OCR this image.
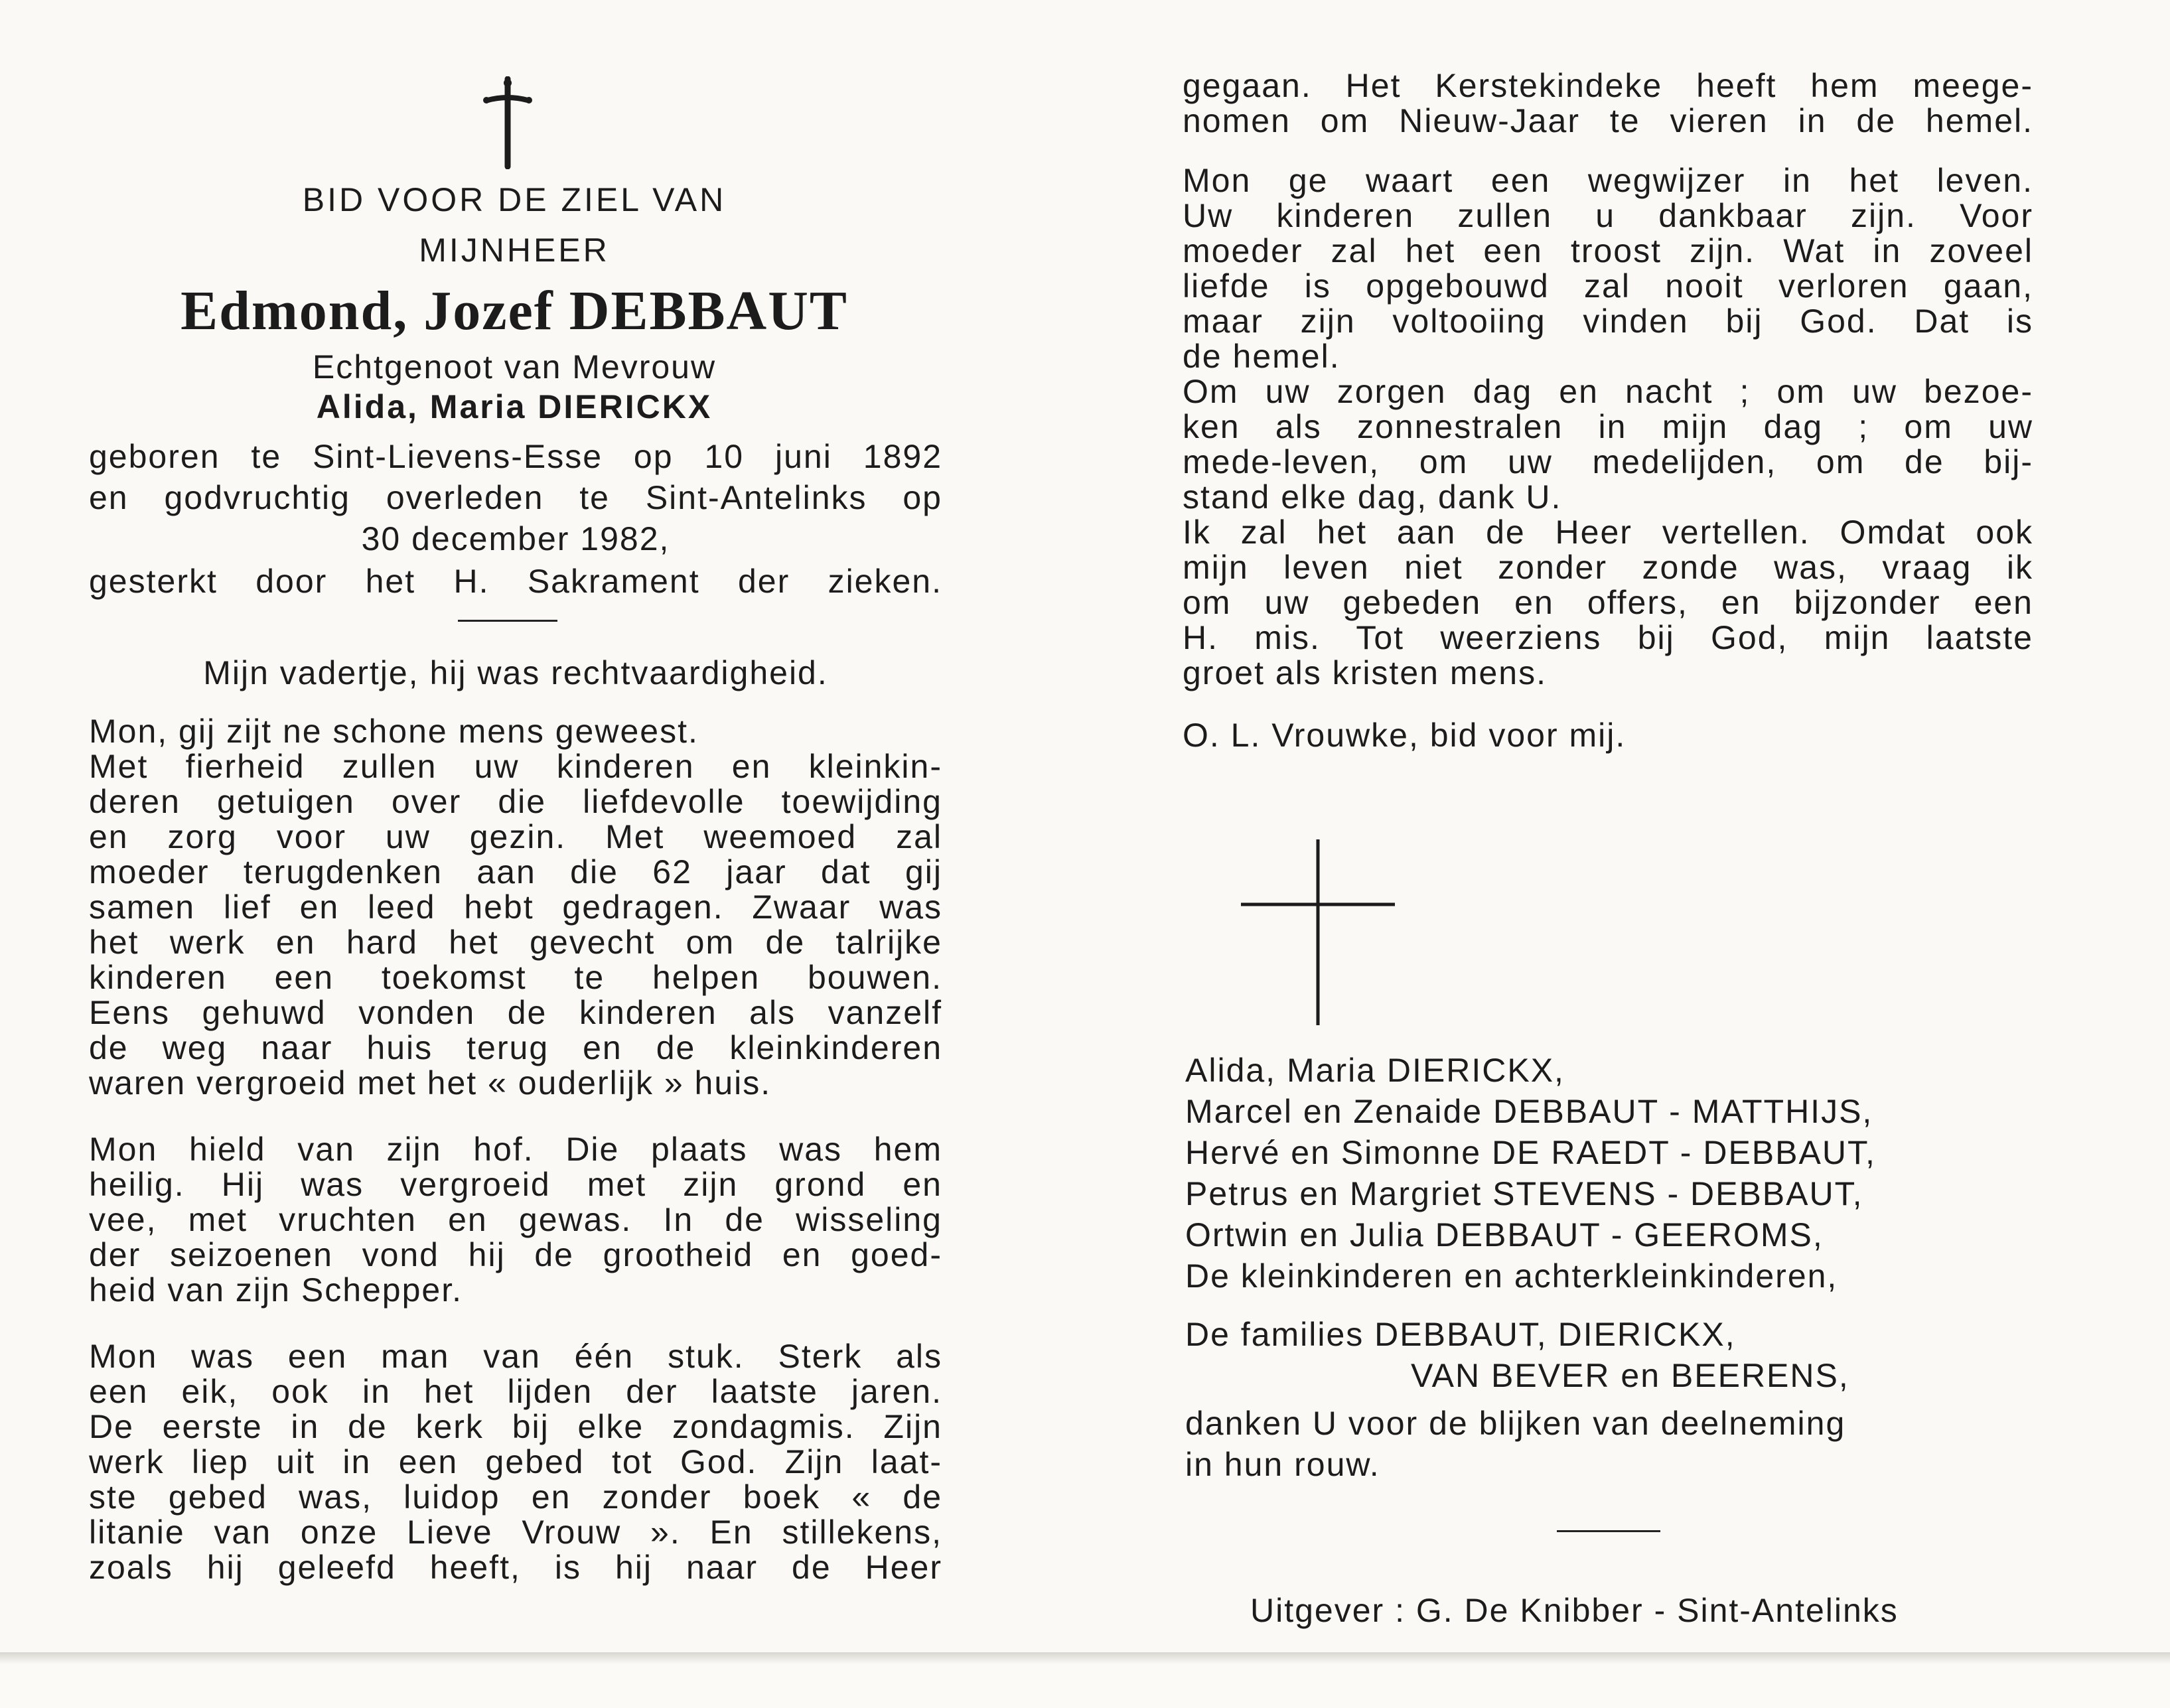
BID VOOR DE ZIEL VAN
MIJNHEER
Edmond, Jozef DEBBAUT
Echtgenoot van Mevrouw
Alida, Maria DIERICKX
geboren te Sint-Lievens-Esse op 10 juni 1892
en godvruchtig overleden te Sint-Antelinks op
30 december 1982,
gesterkt door het H. Sakrament der zieken.
Mijn vadertje, hij was rechtvaardigheid.
Mon, gij zijt ne schone mens geweest.
Met fierheid zullen uw kinderen en kleinkin-
deren getuigen over die liefdevolle toewijding
en zorg voor uw gezin. Met weemoed zal
moeder terugdenken aan die 62 jaar dat gij
samen lief en leed hebt gedragen. Zwaar was
het werk en hard het gevecht om de talrijke
kinderen een toekomst te helpen bouwen.
Eens gehuwd vonden de kinderen als vanzelf
de weg naar huis terug en de kleinkinderen
waren vergroeid met het « ouderlijk » huis.
Mon hield van zijn hof. Die plaats was hem
heilig. Hij was vergroeid met zijn grond en
vee, met vruchten en gewas. In de wisseling
der seizoenen vond hij de grootheid en goed-
heid van zijn Schepper.
Mon was een man van één stuk. Sterk als
een eik, ook in het lijden der laatste jaren.
De eerste in de kerk bij elke zondagmis. Zijn
werk liep uit in een gebed tot God. Zijn laat-
ste gebed was, luidop en zonder boek « de
litanie van onze Lieve Vrouw ». En stillekens,
zoals hij geleefd heeft, is hij naar de Heer
gegaan. Het Kerstekindeke heeft hem meege-
nomen om Nieuw-Jaar te vieren in de hemel.
Mon ge waart een wegwijzer in het leven.
Uw kinderen zullen u dankbaar zijn. Voor
moeder zal het een troost zijn. Wat in zoveel
liefde is opgebouwd zal nooit verloren gaan,
maar zijn voltooiing vinden bij God. Dat is
de hemel.
Om uw zorgen dag en nacht ; om uw bezoe-
ken als zonnestralen in mijn dag ; om uw
mede-leven, om uw medelijden, om de bij-
stand elke dag, dank U.
Ik zal het aan de Heer vertellen. Omdat ook
mijn leven niet zonder zonde was, vraag ik
om uw gebeden en offers, en bijzonder een
H. mis. Tot weerziens bij God, mijn laatste
groet als kristen mens.
O. L. Vrouwke, bid voor mij.
Alida, Maria DIERICKX,
Marcel en Zenaide DEBBAUT - MATTHIJS,
Hervé en Simonne DE RAEDT - DEBBAUT,
Petrus en Margriet STEVENS - DEBBAUT,
Ortwin en Julia DEBBAUT - GEEROMS,
De kleinkinderen en achterkleinkinderen,
De families DEBBAUT, DIERICKX,
VAN BEVER en BEERENS,
danken U voor de blijken van deelneming
in hun rouw.
Uitgever : G. De Knibber - Sint-Antelinks
